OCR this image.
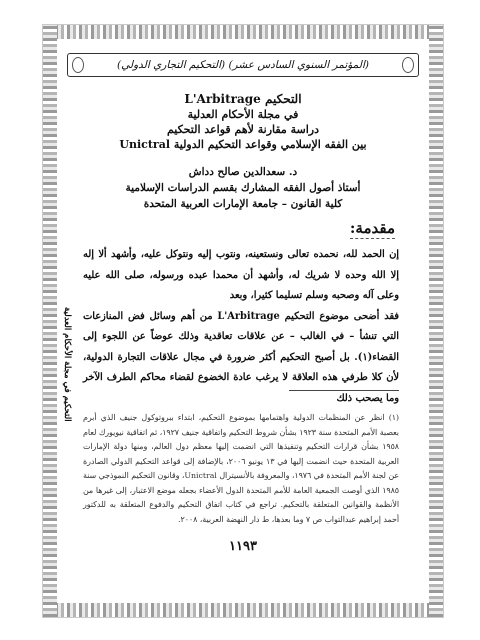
(المؤتمر السنوي السادس عشر) (التحكيم التجاري الدولي)
التحكيم L'Arbitrage
في مجلة الأحكام العدلية
دراسة مقارنة لأهم قواعد التحكيم
بين الفقه الإسلامي وقواعد التحكيم الدولية Unictral
د. سعدالدين صالح دداش
أستاذ أصول الفقه المشارك بقسم الدراسات الإسلامية
كلية القانون – جامعة الإمارات العربية المتحدة
التحكيم في مجلة الأحكام العدلية
مقدمة:

إن الحمد لله، نحمده تعالى ونستعينه، ونتوب إليه ونتوكل عليه، وأشهد ألا إله إلا الله وحده لا شريك له، وأشهد أن محمدا عبده ورسوله، صلى الله عليه وعلى آله وصحبه وسلم تسليما كثيرا، وبعد

فقد أضحى موضوع التحكيم L'Arbitrage من أهم وسائل فض المنازعات التي تنشأ – في الغالب – عن علاقات تعاقدية وذلك عوضاً عن اللجوء إلى القضاء(١). بل أصبح التحكيم أكثر ضرورة في مجال علاقات التجارة الدولية، لأن كلا طرفي هذه العلاقة لا يرغب عادة الخضوع لقضاء محاكم الطرف الآخر وما يصحب ذلك

(١) انظر عن المنظمات الدولية واهتمامها بموضوع التحكيم، ابتداء ببروتوكول جنيف الذي أبرم بعصبة الأمم المتحدة سنة ١٩٢٣ بشأن شروط التحكيم واتفاقية جنيف ١٩٢٧، ثم اتفاقية نيويورك لعام ١٩٥٨ بشأن قرارات التحكيم وتنفيذها التي انضمت إليها معظم دول العالم، ومنها دولة الإمارات العربية المتحدة حيث انضمت إليها في ١٣ يونيو ٢٠٠٦، بالإضافة إلى قواعد التحكيم الدولي الصادرة عن لجنة الأمم المتحدة في ١٩٧٦، والمعروفة بالأنسيترال Unictral، وقانون التحكيم النموذجي سنة ١٩٨٥ الذي أوصت الجمعية العامة للأمم المتحدة الدول الأعضاء بجعله موضع الاعتبار، إلى غيرها من الأنظمة والقوانين المتعلقة بالتحكيم. تراجع في كتاب اتفاق التحكيم والدفوع المتعلقة به للدكتور أحمد إبراهيم عبدالتواب ص ٧ وما بعدها، ط دار النهضة العربية، ٢٠٠٨.
١١٩٣
